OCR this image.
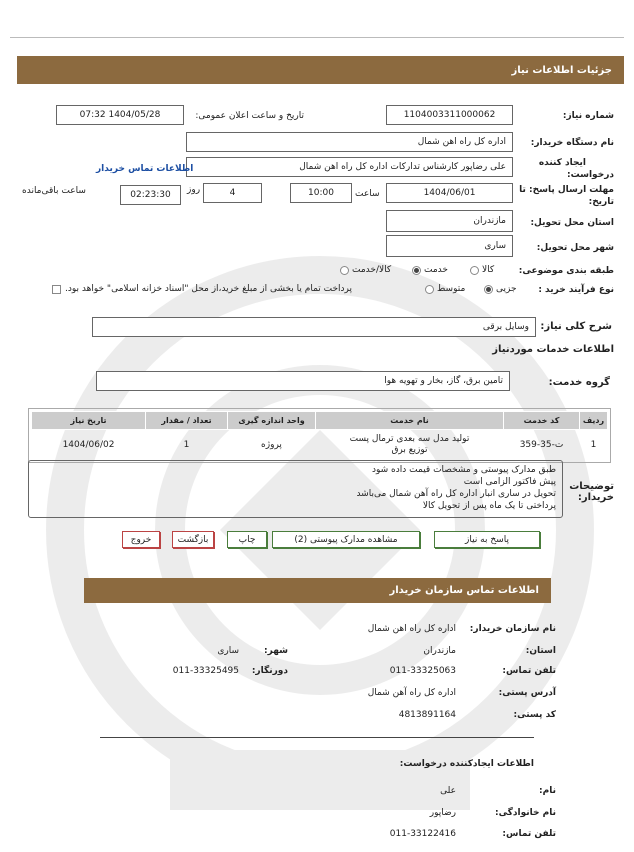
جزئیات اطلاعات نیاز
شماره نیاز:
1104003311000062
تاریخ و ساعت اعلان عمومی:
1404/05/28 07:32
نام دستگاه خریدار:
اداره کل راه اهن شمال
ایجاد کننده
درخواست:
علی رضاپور کارشناس تدارکات اداره کل راه اهن شمال
اطلاعات تماس خریدار
مهلت ارسال پاسخ: تا
تاریخ:
1404/06/01
ساعت
10:00
4
روز
02:23:30
ساعت باقی‌مانده
استان محل تحویل:
مازندران
شهر محل تحویل:
ساری
طبقه بندی موضوعی:
کالا
خدمت
کالا/خدمت
نوع فرآیند خرید :
جزیی
متوسط
پرداخت تمام یا بخشی از مبلغ خرید،از محل "اسناد خزانه اسلامی" خواهد بود.
شرح کلی نیاز:
وسایل برقی
اطلاعات خدمات موردنیاز
گروه خدمت:
تامین برق، گاز، بخار و تهویه هوا
ردیف	کد خدمت	نام خدمت	واحد اندازه گیری	تعداد / مقدار	تاریخ نیاز
1	ت-35-359	تولید مدل سه بعدی ترمال پست
توزیع برق	پروژه	1	1404/06/02
توضیحات
خریدار:
طبق مدارک پیوستی و مشخصات قیمت داده شود
پیش فاکتور الزامی است
تحویل در ساری انبار اداره کل راه آهن شمال می‌باشد
پرداختی تا یک ماه پس از تحویل کالا
پاسخ به نیاز
مشاهده مدارک پیوستی (2)
چاپ
بازگشت
خروج
اطلاعات تماس سازمان خریدار
نام سازمان خریدار:
اداره کل راه اهن شمال
استان:
مازندران
شهر:
ساری
تلفن تماس:
011-33325063
دورنگار:
011-33325495
آدرس پستی:
اداره کل راه آهن شمال
کد پستی:
4813891164
اطلاعات ایجادکننده درخواست:
نام:
علی
نام خانوادگی:
رضاپور
تلفن تماس:
011-33122416
